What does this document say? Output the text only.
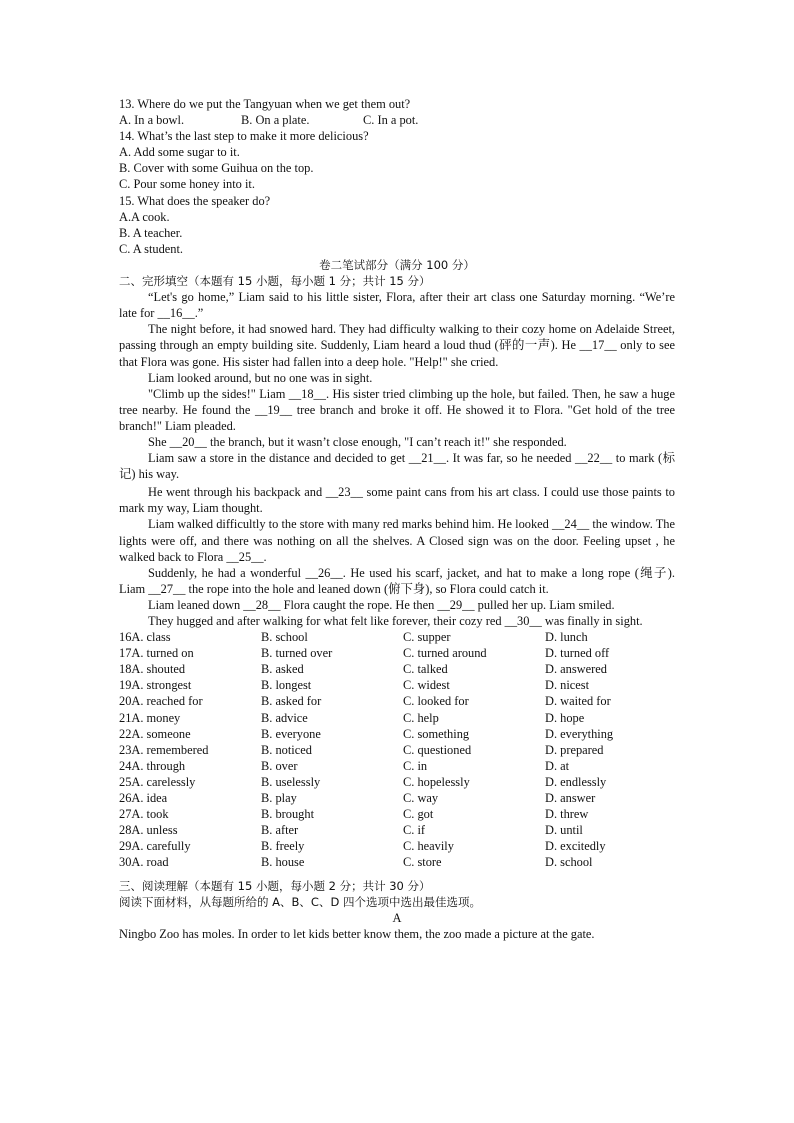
13. Where do we put the Tangyuan when we get them out?
A. In a bowl.	B. On a plate.	C. In a pot.
14. What’s the last step to make it more delicious?
A. Add some sugar to it.
B. Cover with some Guihua on the top.
C. Pour some honey into it.
15. What does the speaker do?
A.A cook.
B. A teacher.
C. A student.
卷二笔试部分（满分 100 分）
二、完形填空（本题有 15 小题，每小题 1 分；共计 15 分）

“Let's go home,” Liam said to his little sister, Flora, after their art class one Saturday morning. “We’re late for __16__.”

The night before, it had snowed hard. They had difficulty walking to their cozy home on Adelaide Street, passing through an empty building site. Suddenly, Liam heard a loud thud (砰的一声). He __17__ only to see that Flora was gone. His sister had fallen into a deep hole. "Help!" she cried.

Liam looked around, but no one was in sight.

"Climb up the sides!" Liam __18__. His sister tried climbing up the hole, but failed. Then, he saw a huge tree nearby. He found the __19__ tree branch and broke it off. He showed it to Flora. "Get hold of the tree branch!" Liam pleaded.

She __20__ the branch, but it wasn’t close enough, "I can’t reach it!" she responded.

Liam saw a store in the distance and decided to get __21__. It was far, so he needed __22__ to mark (标记) his way.

He went through his backpack and __23__ some paint cans from his art class. I could use those paints to mark my way, Liam thought.

Liam walked difficultly to the store with many red marks behind him. He looked __24__ the window. The lights were off, and there was nothing on all the shelves. A Closed sign was on the door. Feeling upset , he walked back to Flora __25__.

Suddenly, he had a wonderful __26__. He used his scarf, jacket, and hat to make a long rope (绳子). Liam __27__ the rope into the hole and leaned down (俯下身), so Flora could catch it.

Liam leaned down __28__ Flora caught the rope. He then __29__ pulled her up. Liam smiled.

They hugged and after walking for what felt like forever, their cozy red __30__ was finally in sight.

16A. class	B. school	C. supper	D. lunch
17A. turned on	B. turned over	C. turned around	D. turned off
18A. shouted	B. asked	C. talked	D. answered
19A. strongest	B. longest	C. widest	D. nicest
20A. reached for	B. asked for	C. looked for	D. waited for
21A. money	B. advice	C. help	D. hope
22A. someone	B. everyone	C. something	D. everything
23A. remembered	B. noticed	C. questioned	D. prepared
24A. through	B. over	C. in	D. at
25A. carelessly	B. uselessly	C. hopelessly	D. endlessly
26A. idea	B. play	C. way	D. answer
27A. took	B. brought	C. got	D. threw
28A. unless	B. after	C. if	D. until
29A. carefully	B. freely	C. heavily	D. excitedly
30A. road	B. house	C. store	D. school
三、阅读理解（本题有 15 小题，每小题 2 分；共计 30 分）
阅读下面材料，从每题所给的 A、B、C、D 四个选项中选出最佳选项。
A
Ningbo Zoo has moles. In order to let kids better know them, the zoo made a picture at the gate.
